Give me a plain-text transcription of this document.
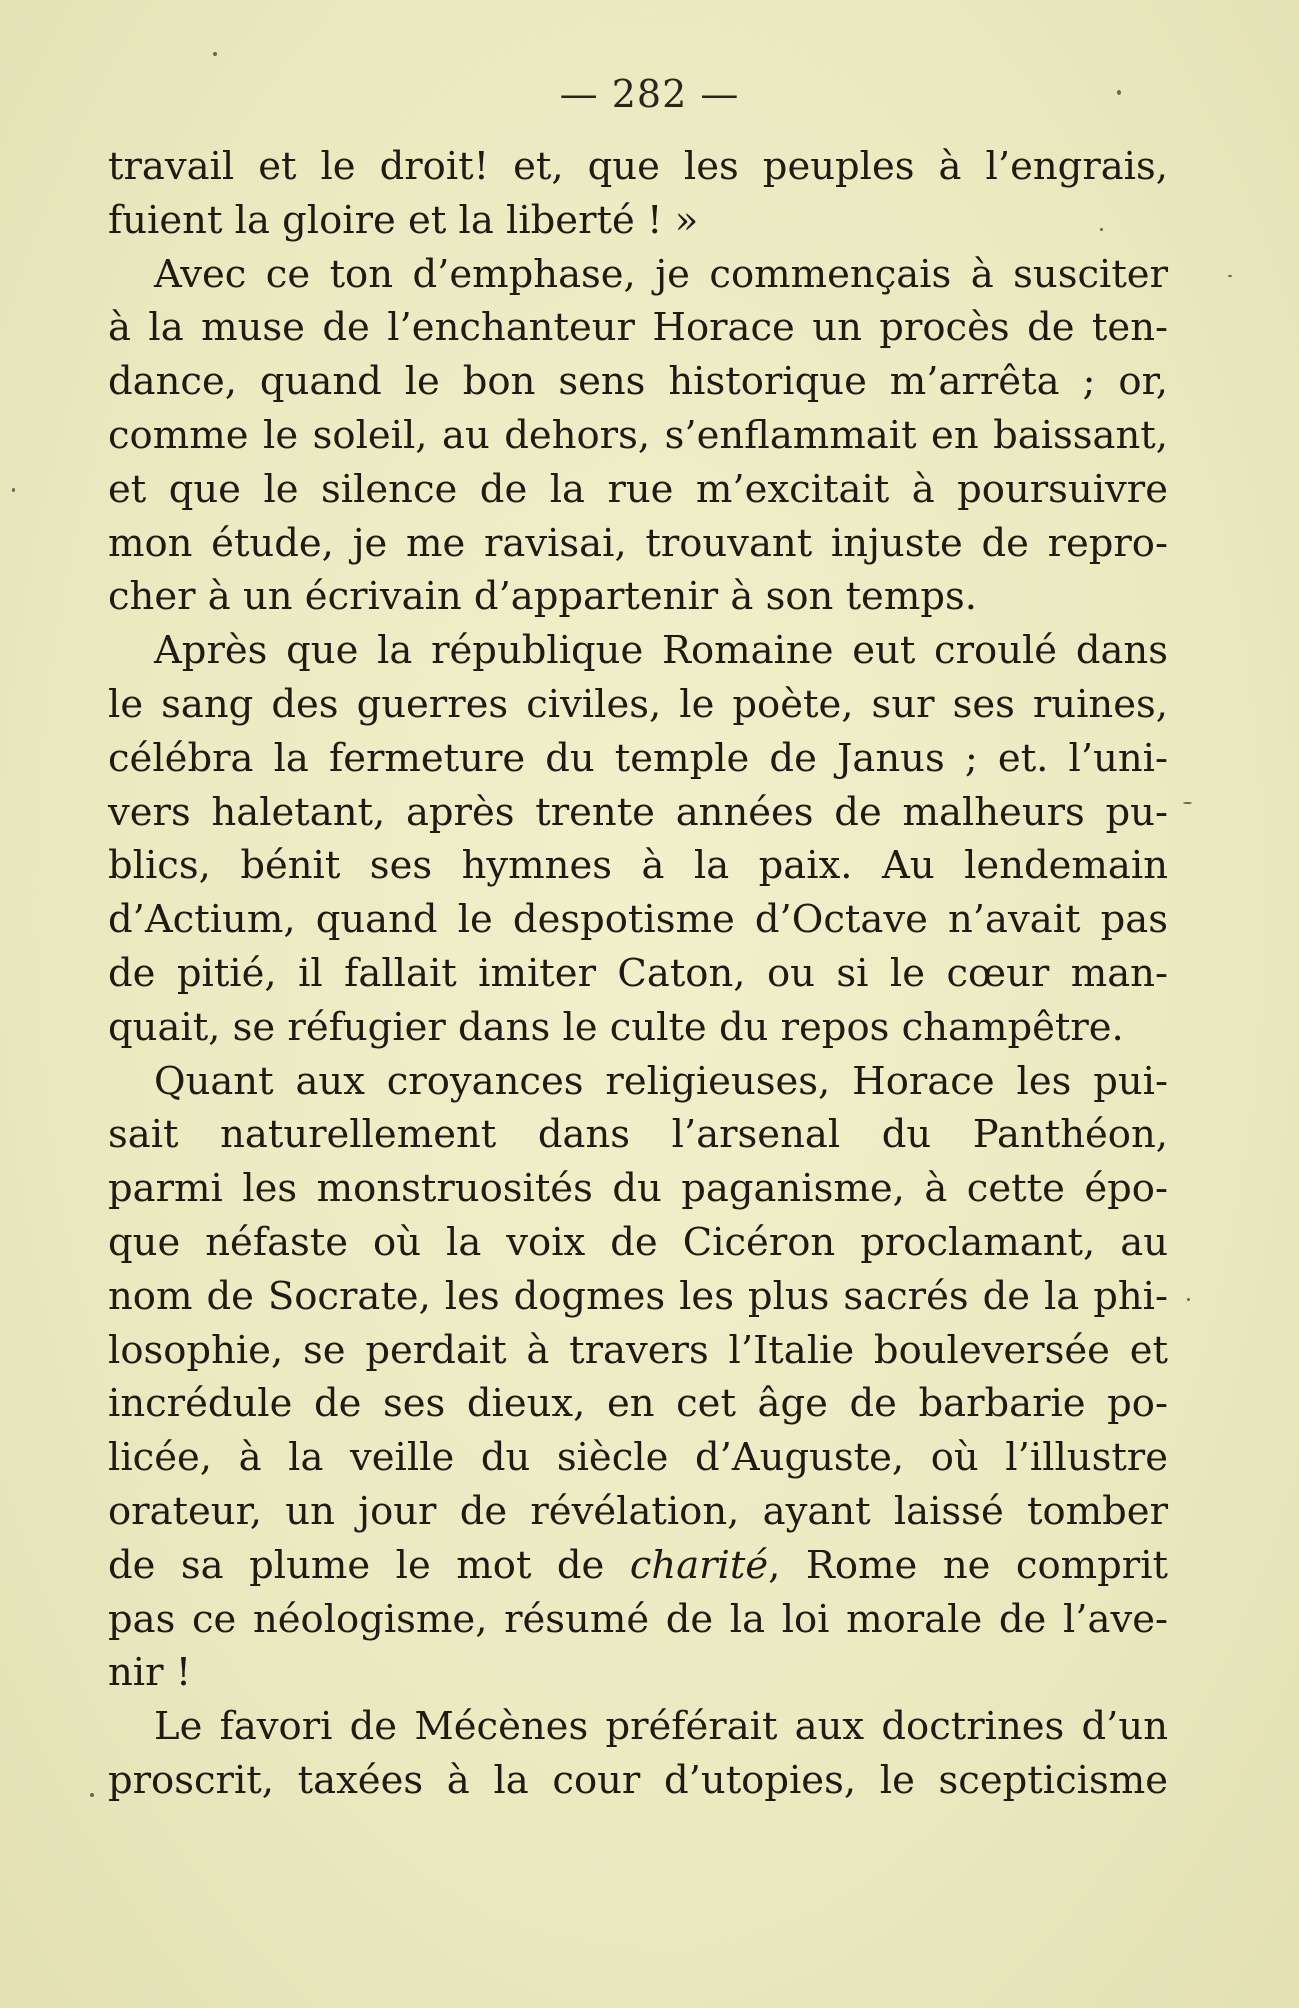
— 282 —
travail et le droit! et, que les peuples à l’engrais,
fuient la gloire et la liberté ! »
Avec ce ton d’emphase, je commençais à susciter
à la muse de l’enchanteur Horace un procès de ten-
dance, quand le bon sens historique m’arrêta ; or,
comme le soleil, au dehors, s’enflammait en baissant,
et que le silence de la rue m’excitait à poursuivre
mon étude, je me ravisai, trouvant injuste de repro-
cher à un écrivain d’appartenir à son temps.
Après que la république Romaine eut croulé dans
le sang des guerres civiles, le poète, sur ses ruines,
célébra la fermeture du temple de Janus ; et. l’uni-
vers haletant, après trente années de malheurs pu-
blics, bénit ses hymnes à la paix. Au lendemain
d’Actium, quand le despotisme d’Octave n’avait pas
de pitié, il fallait imiter Caton, ou si le cœur man-
quait, se réfugier dans le culte du repos champêtre.
Quant aux croyances religieuses, Horace les pui-
sait naturellement dans l’arsenal du Panthéon,
parmi les monstruosités du paganisme, à cette épo-
que néfaste où la voix de Cicéron proclamant, au
nom de Socrate, les dogmes les plus sacrés de la phi-
losophie, se perdait à travers l’Italie bouleversée et
incrédule de ses dieux, en cet âge de barbarie po-
licée, à la veille du siècle d’Auguste, où l’illustre
orateur, un jour de révélation, ayant laissé tomber
de sa plume le mot de charité, Rome ne comprit
pas ce néologisme, résumé de la loi morale de l’ave-
nir !
Le favori de Mécènes préférait aux doctrines d’un
proscrit, taxées à la cour d’utopies, le scepticisme
